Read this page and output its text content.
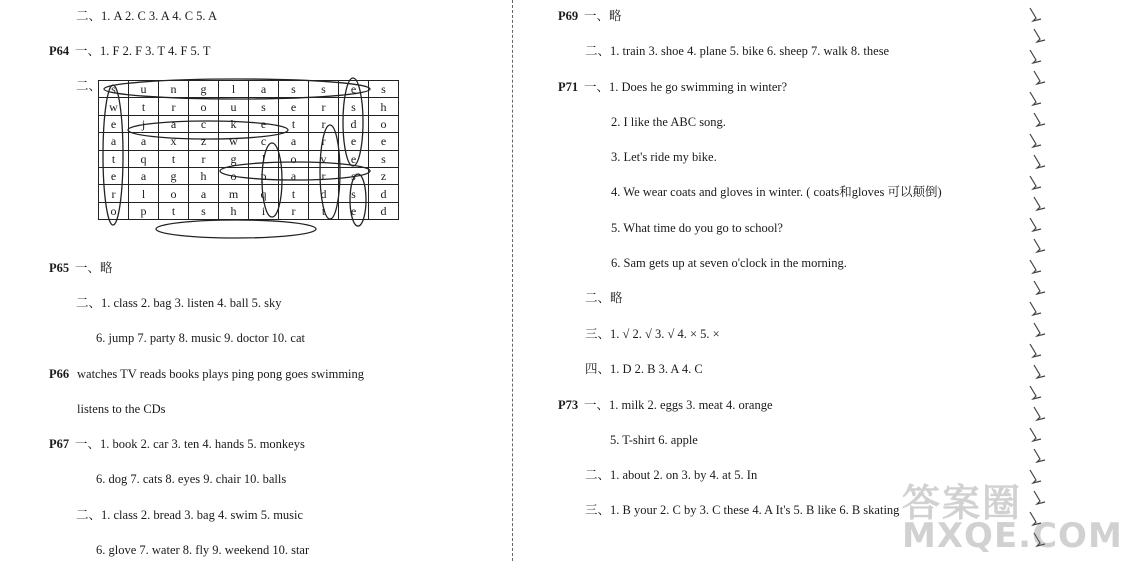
二、1. A 2. C 3. A 4. C 5. A
P64 一、1. F 2. F 3. T 4. F 5. T
二、 s	u	n	g	l	a	s	s	e	s
w	t	r	o	u	s	e	r	s	h
e	j	a	c	k	e	t	r	d	o
a	a	x	z	w	c	a	r	e	e
t	q	t	r	g	l	o	v	e	s
e	a	g	h	o	p	a	r	s	z
r	l	o	a	m	q	t	d	s	d
o	p	t	s	h	i	r	t	e	d
P65 一、略
二、1. class 2. bag 3. listen 4. ball 5. sky
6. jump 7. party 8. music 9. doctor 10. cat
P66 watches TV reads books plays ping pong goes swimming
listens to the CDs
P67 一、1. book 2. car 3. ten 4. hands 5. monkeys
6. dog 7. cats 8. eyes 9. chair 10. balls
二、1. class 2. bread 3. bag 4. swim 5. music
6. glove 7. water 8. fly 9. weekend 10. star
P69 一、略
二、1. train 3. shoe 4. plane 5. bike 6. sheep 7. walk 8. these
P71 一、1. Does he go swimming in winter?
2. I like the ABC song.
3. Let's ride my bike.
4. We wear coats and gloves in winter. ( coats和gloves 可以颠倒)
5. What time do you go to school?
6. Sam gets up at seven o'clock in the morning.
二、略
三、1. √ 2. √ 3. √ 4. × 5. ×
四、1. D 2. B 3. A 4. C
P73 一、1. milk 2. eggs 3. meat 4. orange
5. T-shirt 6. apple
二、1. about 2. on 3. by 4. at 5. In
三、1. B your 2. C by 3. C these 4. A It's 5. B like 6. B skating 答案圈
MXQE.COM
